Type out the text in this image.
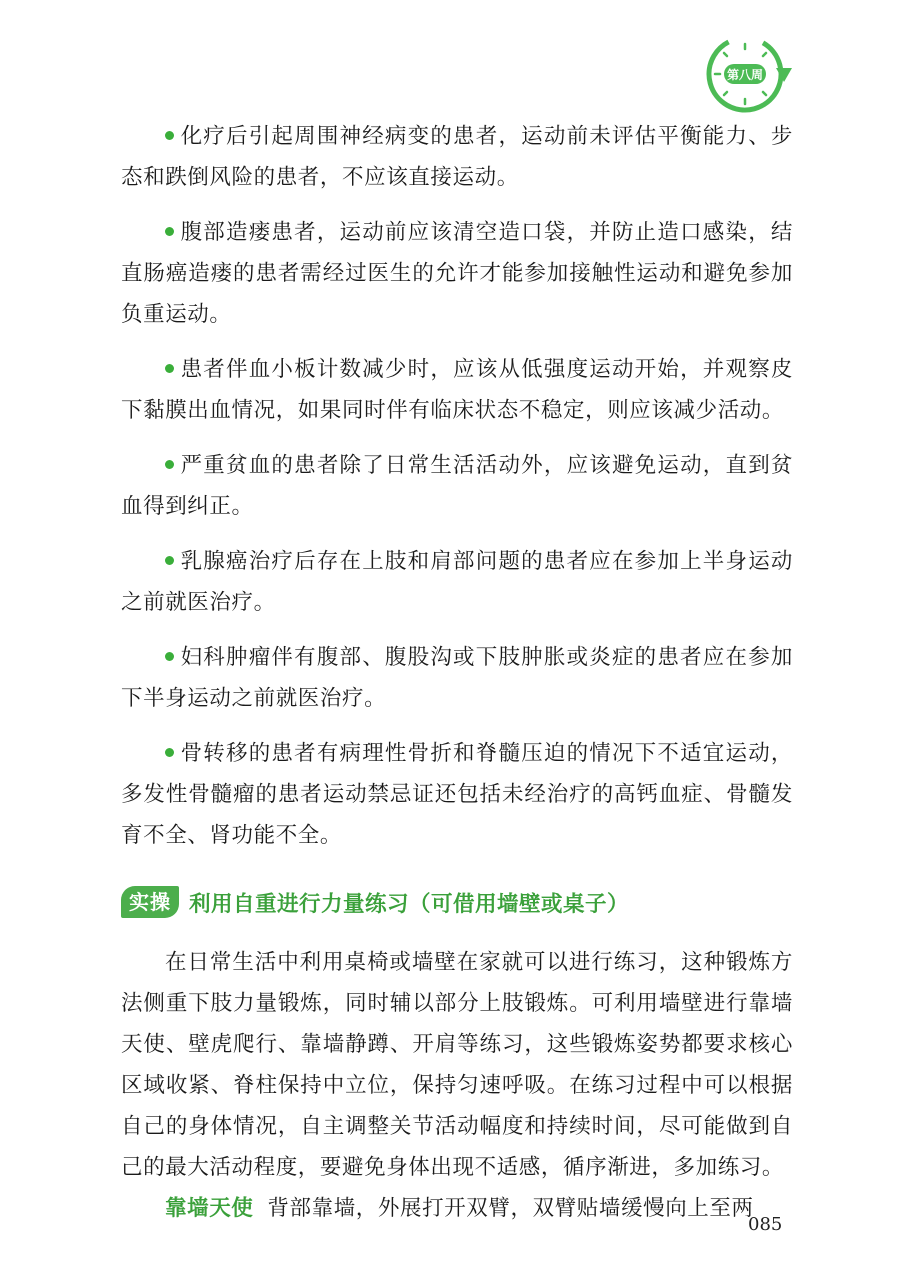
第八周

化疗后引起周围神经病变的患者，运动前未评估平衡能力、步态和跌倒风险的患者，不应该直接运动。

腹部造瘘患者，运动前应该清空造口袋，并防止造口感染，结直肠癌造瘘的患者需经过医生的允许才能参加接触性运动和避免参加负重运动。

患者伴血小板计数减少时，应该从低强度运动开始，并观察皮下黏膜出血情况，如果同时伴有临床状态不稳定，则应该减少活动。

严重贫血的患者除了日常生活活动外，应该避免运动，直到贫血得到纠正。

乳腺癌治疗后存在上肢和肩部问题的患者应在参加上半身运动之前就医治疗。

妇科肿瘤伴有腹部、腹股沟或下肢肿胀或炎症的患者应在参加下半身运动之前就医治疗。

骨转移的患者有病理性骨折和脊髓压迫的情况下不适宜运动，多发性骨髓瘤的患者运动禁忌证还包括未经治疗的高钙血症、骨髓发育不全、肾功能不全。

实操 利用自重进行力量练习（可借用墙壁或桌子）

在日常生活中利用桌椅或墙壁在家就可以进行练习，这种锻炼方法侧重下肢力量锻炼，同时辅以部分上肢锻炼。可利用墙壁进行靠墙天使、壁虎爬行、靠墙静蹲、开肩等练习，这些锻炼姿势都要求核心区域收紧、脊柱保持中立位，保持匀速呼吸。在练习过程中可以根据自己的身体情况，自主调整关节活动幅度和持续时间，尽可能做到自己的最大活动程度，要避免身体出现不适感，循序渐进，多加练习。

靠墙天使 背部靠墙，外展打开双臂，双臂贴墙缓慢向上至两

085
